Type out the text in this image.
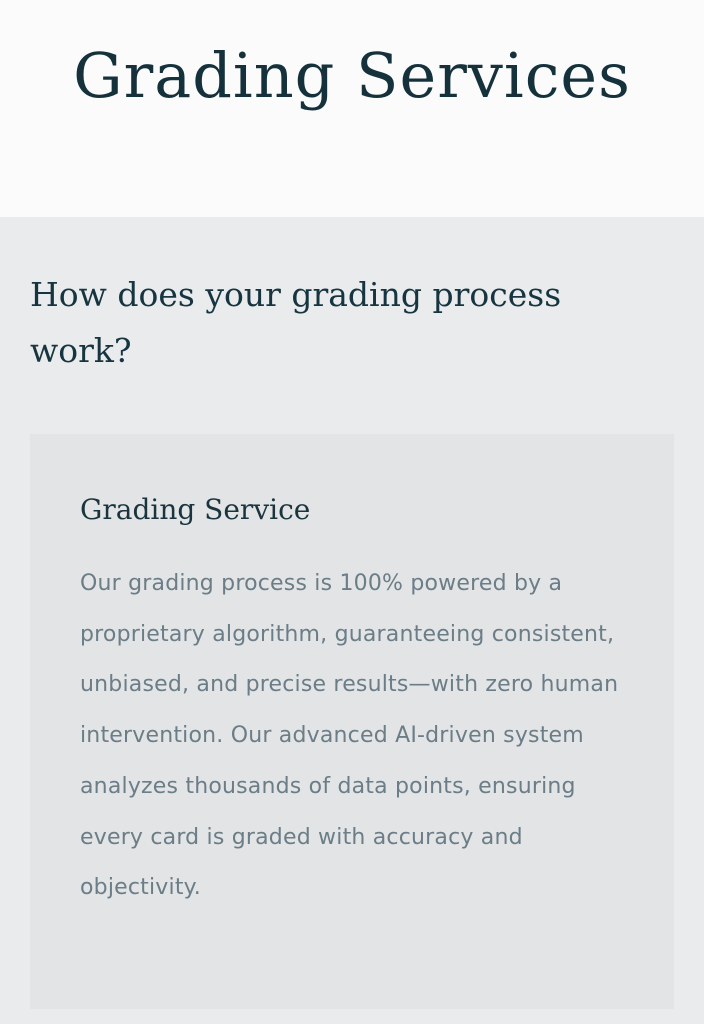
Grading Services
How does your grading process work?
Grading Service

Our grading process is 100% powered by a proprietary algorithm, guaranteeing consistent, unbiased, and precise results—with zero human intervention. Our advanced AI-driven system analyzes thousands of data points, ensuring every card is graded with accuracy and objectivity.
